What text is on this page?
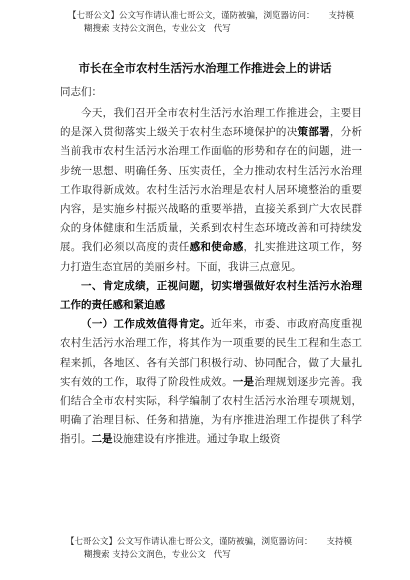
【七哥公文】公文写作请认准七哥公文，谨防被骗，浏览器访问： 支持模
糊搜索 支持公文润色，专业公文 代写
市长在全市农村生活污水治理工作推进会上的讲话
同志们：

今天，我们召开全市农村生活污水治理工作推进会，主要目的是深入贯彻落实上级关于农村生态环境保护的决策部署，分析当前我市农村生活污水治理工作面临的形势和存在的问题，进一步统一思想、明确任务、压实责任，全力推动农村生活污水治理工作取得新成效。农村生活污水治理是农村人居环境整治的重要内容，是实施乡村振兴战略的重要举措，直接关系到广大农民群众的身体健康和生活质量，关系到农村生态环境改善和可持续发展。我们必须以高度的责任感和使命感，扎实推进这项工作，努力打造生态宜居的美丽乡村。下面，我讲三点意见。

一、肯定成绩，正视问题，切实增强做好农村生活污水治理工作的责任感和紧迫感

（一）工作成效值得肯定。近年来，市委、市政府高度重视农村生活污水治理工作，将其作为一项重要的民生工程和生态工程来抓，各地区、各有关部门积极行动、协同配合，做了大量扎实有效的工作，取得了阶段性成效。一是治理规划逐步完善。我们结合全市农村实际，科学编制了农村生活污水治理专项规划，明确了治理目标、任务和措施，为有序推进治理工作提供了科学指引。二是设施建设有序推进。通过争取上级资

【七哥公文】公文写作请认准七哥公文，谨防被骗，浏览器访问： 支持模
糊搜索 支持公文润色，专业公文 代写
